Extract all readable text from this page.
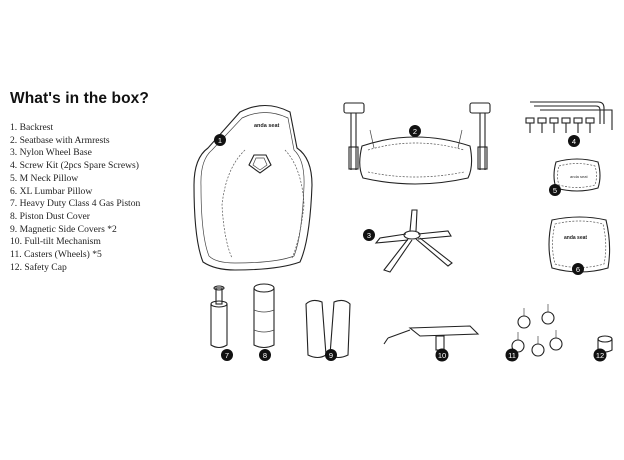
What's in the box?
1. Backrest
2. Seatbase with Armrests
3. Nylon Wheel Base
4. Screw Kit (2pcs Spare Screws)
5. M Neck Pillow
6. XL Lumbar Pillow
7. Heavy Duty Class 4 Gas Piston
8. Piston Dust Cover
9. Magnetic Side Covers *2
10. Full-tilt Mechanism
11. Casters (Wheels) *5
12. Safety Cap
anda seat
anda seat
anda seat
1
2
3
4
5
6
7	8	9	10	11	12
